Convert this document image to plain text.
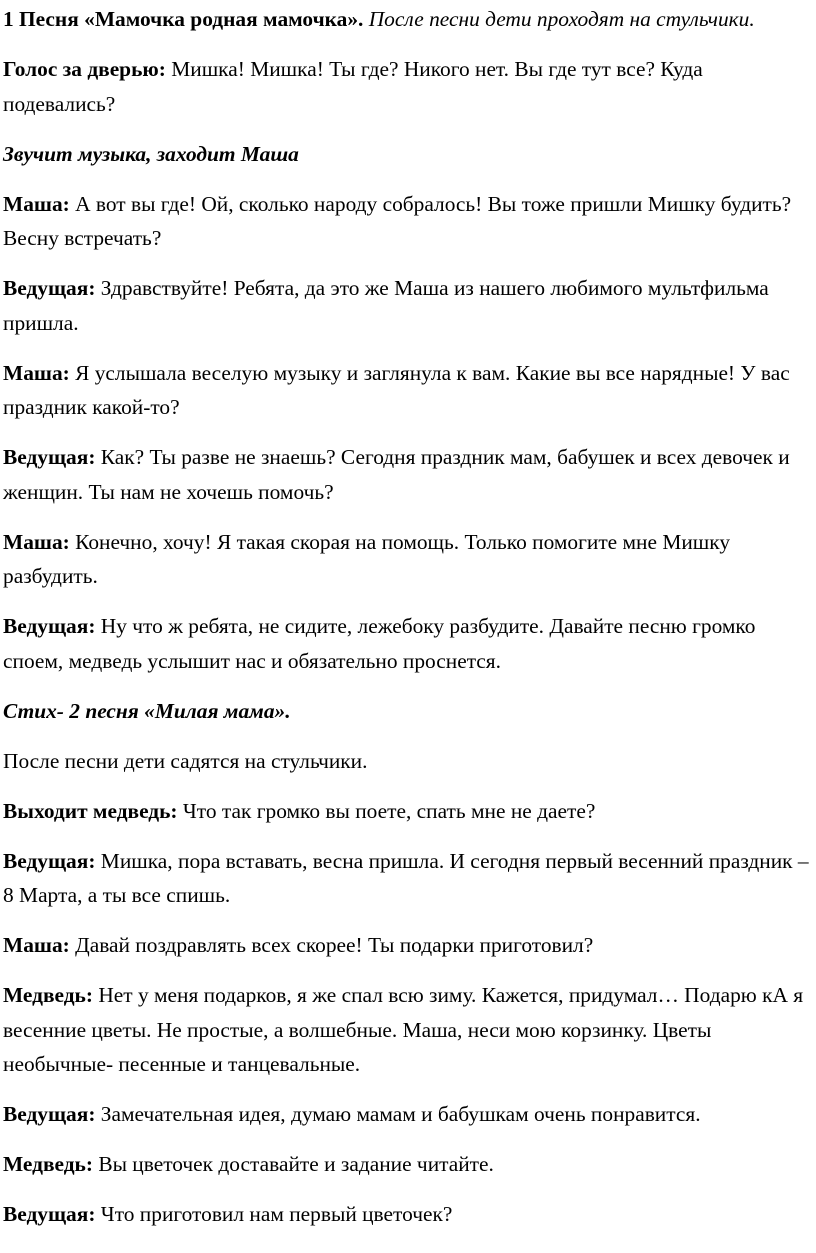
1 Песня «Мамочка родная мамочка». После песни дети проходят на стульчики.

Голос за дверью: Мишка! Мишка! Ты где? Никого нет. Вы где тут все? Куда подевались?

Звучит музыка, заходит Маша

Маша: А вот вы где! Ой, сколько народу собралось! Вы тоже пришли Мишку будить? Весну встречать?

Ведущая: Здравствуйте! Ребята, да это же Маша из нашего любимого мультфильма пришла.

Маша: Я услышала веселую музыку и заглянула к вам. Какие вы все нарядные! У вас праздник какой-то?

Ведущая: Как? Ты разве не знаешь? Сегодня праздник мам, бабушек и всех девочек и женщин. Ты нам не хочешь помочь?

Маша: Конечно, хочу! Я такая скорая на помощь. Только помогите мне Мишку разбудить.

Ведущая: Ну что ж ребята, не сидите, лежебоку разбудите. Давайте песню громко споем, медведь услышит нас и обязательно проснется.

Стих- 2 песня «Милая мама».

После песни дети садятся на стульчики.

Выходит медведь: Что так громко вы поете, спать мне не даете?

Ведущая: Мишка, пора вставать, весна пришла. И сегодня первый весенний праздник – 8 Марта, а ты все спишь.

Маша: Давай поздравлять всех скорее! Ты подарки приготовил?

Медведь: Нет у меня подарков, я же спал всю зиму. Кажется, придумал… Подарю кА я весенние цветы. Не простые, а волшебные. Маша, неси мою корзинку. Цветы необычные- песенные и танцевальные.

Ведущая: Замечательная идея, думаю мамам и бабушкам очень понравится.

Медведь: Вы цветочек доставайте и задание читайте.

Ведущая: Что приготовил нам первый цветочек?
